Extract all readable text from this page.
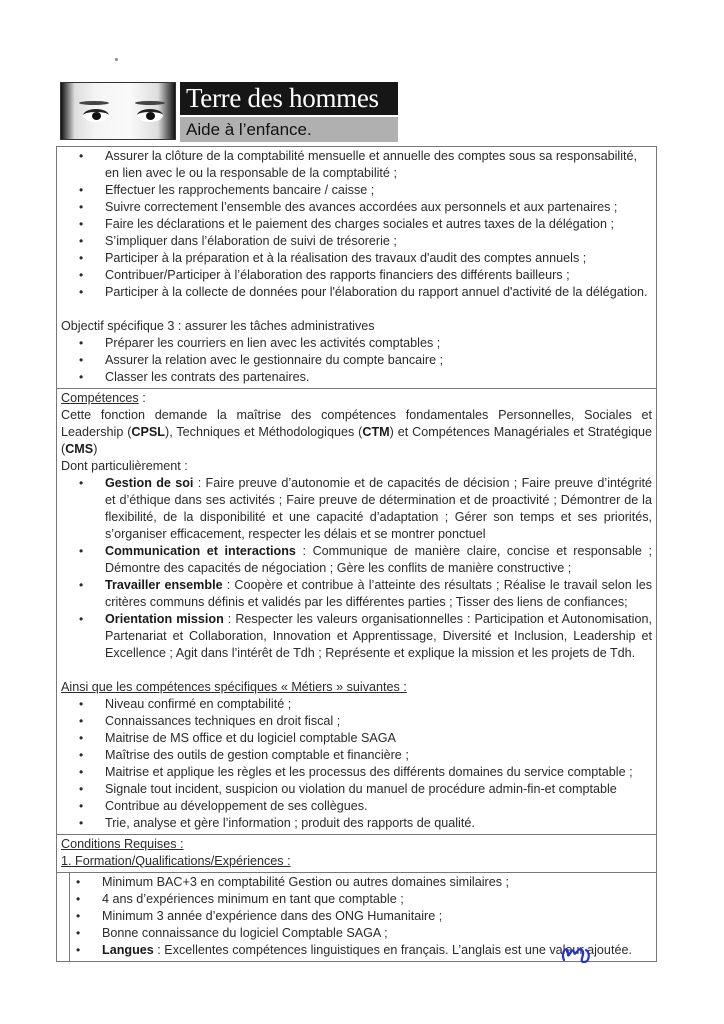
Terre des hommes
Aide à l’enfance.
• Assurer la clôture de la comptabilité mensuelle et annuelle des comptes sous sa responsabilité, en lien avec le ou la responsable de la comptabilité ;
• Effectuer les rapprochements bancaire / caisse ;
• Suivre correctement l’ensemble des avances accordées aux personnels et aux partenaires ;
• Faire les déclarations et le paiement des charges sociales et autres taxes de la délégation ;
• S’impliquer dans l’élaboration de suivi de trésorerie ;
• Participer à la préparation et à la réalisation des travaux d'audit des comptes annuels ;
• Contribuer/Participer à l’élaboration des rapports financiers des différents bailleurs ;
• Participer à la collecte de données pour l'élaboration du rapport annuel d'activité de la délégation.

Objectif spécifique 3 : assurer les tâches administratives

• Préparer les courriers en lien avec les activités comptables ;
• Assurer la relation avec le gestionnaire du compte bancaire ;
• Classer les contrats des partenaires.

Compétences :

Cette fonction demande la maîtrise des compétences fondamentales Personnelles, Sociales et Leadership (CPSL), Techniques et Méthodologiques (CTM) et Compétences Managériales et Stratégique (CMS)

Dont particulièrement :

• Gestion de soi : Faire preuve d’autonomie et de capacités de décision ; Faire preuve d’intégrité et d’éthique dans ses activités ; Faire preuve de détermination et de proactivité ; Démontrer de la flexibilité, de la disponibilité et une capacité d’adaptation ; Gérer son temps et ses priorités, s’organiser efficacement, respecter les délais et se montrer ponctuel
• Communication et interactions : Communique de manière claire, concise et responsable ; Démontre des capacités de négociation ; Gère les conflits de manière constructive ;
• Travailler ensemble : Coopère et contribue à l’atteinte des résultats ; Réalise le travail selon les critères communs définis et validés par les différentes parties ; Tisser des liens de confiances;
• Orientation mission : Respecter les valeurs organisationnelles : Participation et Autonomisation, Partenariat et Collaboration, Innovation et Apprentissage, Diversité et Inclusion, Leadership et Excellence ; Agit dans l’intérêt de Tdh ; Représente et explique la mission et les projets de Tdh.

Ainsi que les compétences spécifiques « Métiers » suivantes :

• Niveau confirmé en comptabilité ;
• Connaissances techniques en droit fiscal ;
• Maitrise de MS office et du logiciel comptable SAGA
• Maîtrise des outils de gestion comptable et financière ;
• Maitrise et applique les règles et les processus des différents domaines du service comptable ;
• Signale tout incident, suspicion ou violation du manuel de procédure admin-fin-et comptable
• Contribue au développement de ses collègues.
• Trie, analyse et gère l’information ; produit des rapports de qualité.

Conditions Requises :

1. Formation/Qualifications/Expériences :

• Minimum BAC+3 en comptabilité Gestion ou autres domaines similaires ;
• 4 ans d’expériences minimum en tant que comptable ;
• Minimum 3 année d’expérience dans des ONG Humanitaire ;
• Bonne connaissance du logiciel Comptable SAGA ;
• Langues : Excellentes compétences linguistiques en français. L’anglais est une valeur ajoutée.
